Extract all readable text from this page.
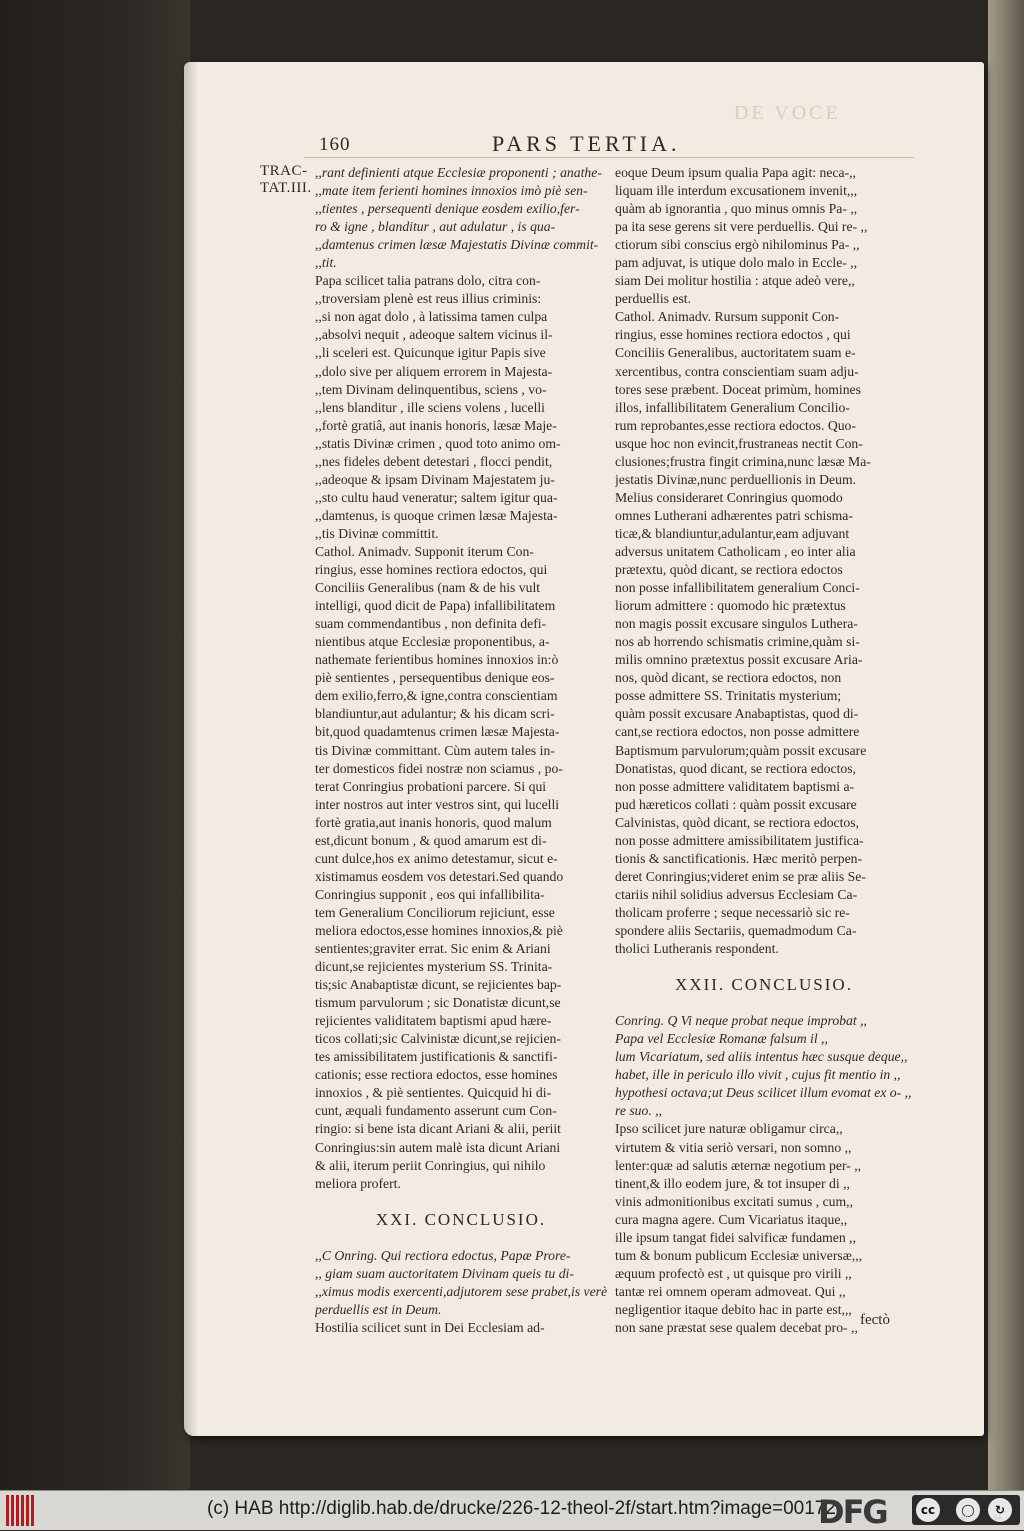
DE VOCE
160	PARS TERTIA.
TRAC-
TAT.III.
,,rant definienti atque Ecclesiæ proponenti ; anathe-
,,mate item ferienti homines innoxios imò piè sen-
,,tientes , persequenti denique eosdem exilio,fer-
ro & igne , blanditur , aut adulatur , is qua-
,,damtenus crimen læsæ Majestatis Divinæ commit-
,,tit.
Papa scilicet talia patrans dolo, citra con-
,,troversiam plenè est reus illius criminis:
,,si non agat dolo , à latissima tamen culpa
,,absolvi nequit , adeoque saltem vicinus il-
,,li sceleri est. Quicunque igitur Papis sive
,,dolo sive per aliquem errorem in Majesta-
,,tem Divinam delinquentibus, sciens , vo-
,,lens blanditur , ille sciens volens , lucelli
,,fortè gratiâ, aut inanis honoris, læsæ Maje-
,,statis Divinæ crimen , quod toto animo om-
,,nes fideles debent detestari , flocci pendit,
,,adeoque & ipsam Divinam Majestatem ju-
,,sto cultu haud veneratur; saltem igitur qua-
,,damtenus, is quoque crimen læsæ Majesta-
,,tis Divinæ committit.
Cathol. Animadv. Supponit iterum Con-
ringius, esse homines rectiora edoctos, qui
Conciliis Generalibus (nam & de his vult
intelligi, quod dicit de Papa) infallibilitatem
suam commendantibus , non definita defi-
nientibus atque Ecclesiæ proponentibus, a-
nathemate ferientibus homines innoxios in:ò
piè sentientes , persequentibus denique eos-
dem exilio,ferro,& igne,contra conscientiam
blandiuntur,aut adulantur; & his dicam scri-
bit,quod quadamtenus crimen læsæ Majesta-
tis Divinæ committant. Cùm autem tales in-
ter domesticos fidei nostræ non sciamus , po-
terat Conringius probationi parcere. Si qui
inter nostros aut inter vestros sint, qui lucelli
fortè gratia,aut inanis honoris, quod malum
est,dicunt bonum , & quod amarum est di-
cunt dulce,hos ex animo detestamur, sicut e-
xistimamus eosdem vos detestari.Sed quando
Conringius supponit , eos qui infallibilita-
tem Generalium Conciliorum rejiciunt, esse
meliora edoctos,esse homines innoxios,& piè
sentientes;graviter errat. Sic enim & Ariani
dicunt,se rejicientes mysterium SS. Trinita-
tis;sic Anabaptistæ dicunt, se rejicientes bap-
tismum parvulorum ; sic Donatistæ dicunt,se
rejicientes validitatem baptismi apud hære-
ticos collati;sic Calvinistæ dicunt,se rejicien-
tes amissibilitatem justificationis & sanctifi-
cationis; esse rectiora edoctos, esse homines
innoxios , & piè sentientes. Quicquid hi di-
cunt, æquali fundamento asserunt cum Con-
ringio: si bene ista dicant Ariani & alii, periit
Conringius:sin autem malè ista dicunt Ariani
& alii, iterum periit Conringius, qui nihilo
meliora profert.
XXI. CONCLUSIO.
,,C Onring. Qui rectiora edoctus, Papæ Prore-
,, giam suam auctoritatem Divinam queis tu di-
,,ximus modis exercenti,adjutorem sese prabet,is verè
perduellis est in Deum.
Hostilia scilicet sunt in Dei Ecclesiam ad-
eoque Deum ipsum qualia Papa agit: neca-,,
liquam ille interdum excusationem invenit,,,
quàm ab ignorantia , quo minus omnis Pa- ,,
pa ita sese gerens sit vere perduellis. Qui re- ,,
ctiorum sibi conscius ergò nihilominus Pa- ,,
pam adjuvat, is utique dolo malo in Eccle- ,,
siam Dei molitur hostilia : atque adeò vere,,
perduellis est.
Cathol. Animadv. Rursum supponit Con-
ringius, esse homines rectiora edoctos , qui
Conciliis Generalibus, auctoritatem suam e-
xercentibus, contra conscientiam suam adju-
tores sese præbent. Doceat primùm, homines
illos, infallibilitatem Generalium Concilio-
rum reprobantes,esse rectiora edoctos. Quo-
usque hoc non evincit,frustraneas nectit Con-
clusiones;frustra fingit crimina,nunc læsæ Ma-
jestatis Divinæ,nunc perduellionis in Deum.
Melius consideraret Conringius quomodo
omnes Lutherani adhærentes patri schisma-
ticæ,& blandiuntur,adulantur,eam adjuvant
adversus unitatem Catholicam , eo inter alia
prætextu, quòd dicant, se rectiora edoctos
non posse infallibilitatem generalium Conci-
liorum admittere : quomodo hic prætextus
non magis possit excusare singulos Luthera-
nos ab horrendo schismatis crimine,quàm si-
milis omnino prætextus possit excusare Aria-
nos, quòd dicant, se rectiora edoctos, non
posse admittere SS. Trinitatis mysterium;
quàm possit excusare Anabaptistas, quod di-
cant,se rectiora edoctos, non posse admittere
Baptismum parvulorum;quàm possit excusare
Donatistas, quod dicant, se rectiora edoctos,
non posse admittere validitatem baptismi a-
pud hæreticos collati : quàm possit excusare
Calvinistas, quòd dicant, se rectiora edoctos,
non posse admittere amissibilitatem justifica-
tionis & sanctificationis. Hæc meritò perpen-
deret Conringius;videret enim se præ aliis Se-
ctariis nihil solidius adversus Ecclesiam Ca-
tholicam proferre ; seque necessariò sic re-
spondere aliis Sectariis, quemadmodum Ca-
tholici Lutheranis respondent.
XXII. CONCLUSIO.
Conring. Q Vi neque probat neque improbat ,,
Papa vel Ecclesiæ Romanæ falsum il ,,
lum Vicariatum, sed aliis intentus hæc susque deque,,
habet, ille in periculo illo vivit , cujus fit mentio in ,,
hypothesi octava;ut Deus scilicet illum evomat ex o- ,,
re suo. ,,
Ipso scilicet jure naturæ obligamur circa,,
virtutem & vitia seriò versari, non somno ,,
lenter:quæ ad salutis æternæ negotium per- ,,
tinent,& illo eodem jure, & tot insuper di ,,
vinis admonitionibus excitati sumus , cum,,
cura magna agere. Cum Vicariatus itaque,,
ille ipsum tangat fidei salvificæ fundamen ,,
tum & bonum publicum Ecclesiæ universæ,,,
æquum profectò est , ut quisque pro virili ,,
tantæ rei omnem operam admoveat. Qui ,,
negligentior itaque debito hac in parte est,,,
non sane præstat sese qualem decebat pro- ,, fectò
(c) HAB http://diglib.hab.de/drucke/226-12-theol-2f/start.htm?image=00172
DFG	cc	◯
BY
↻
SA
